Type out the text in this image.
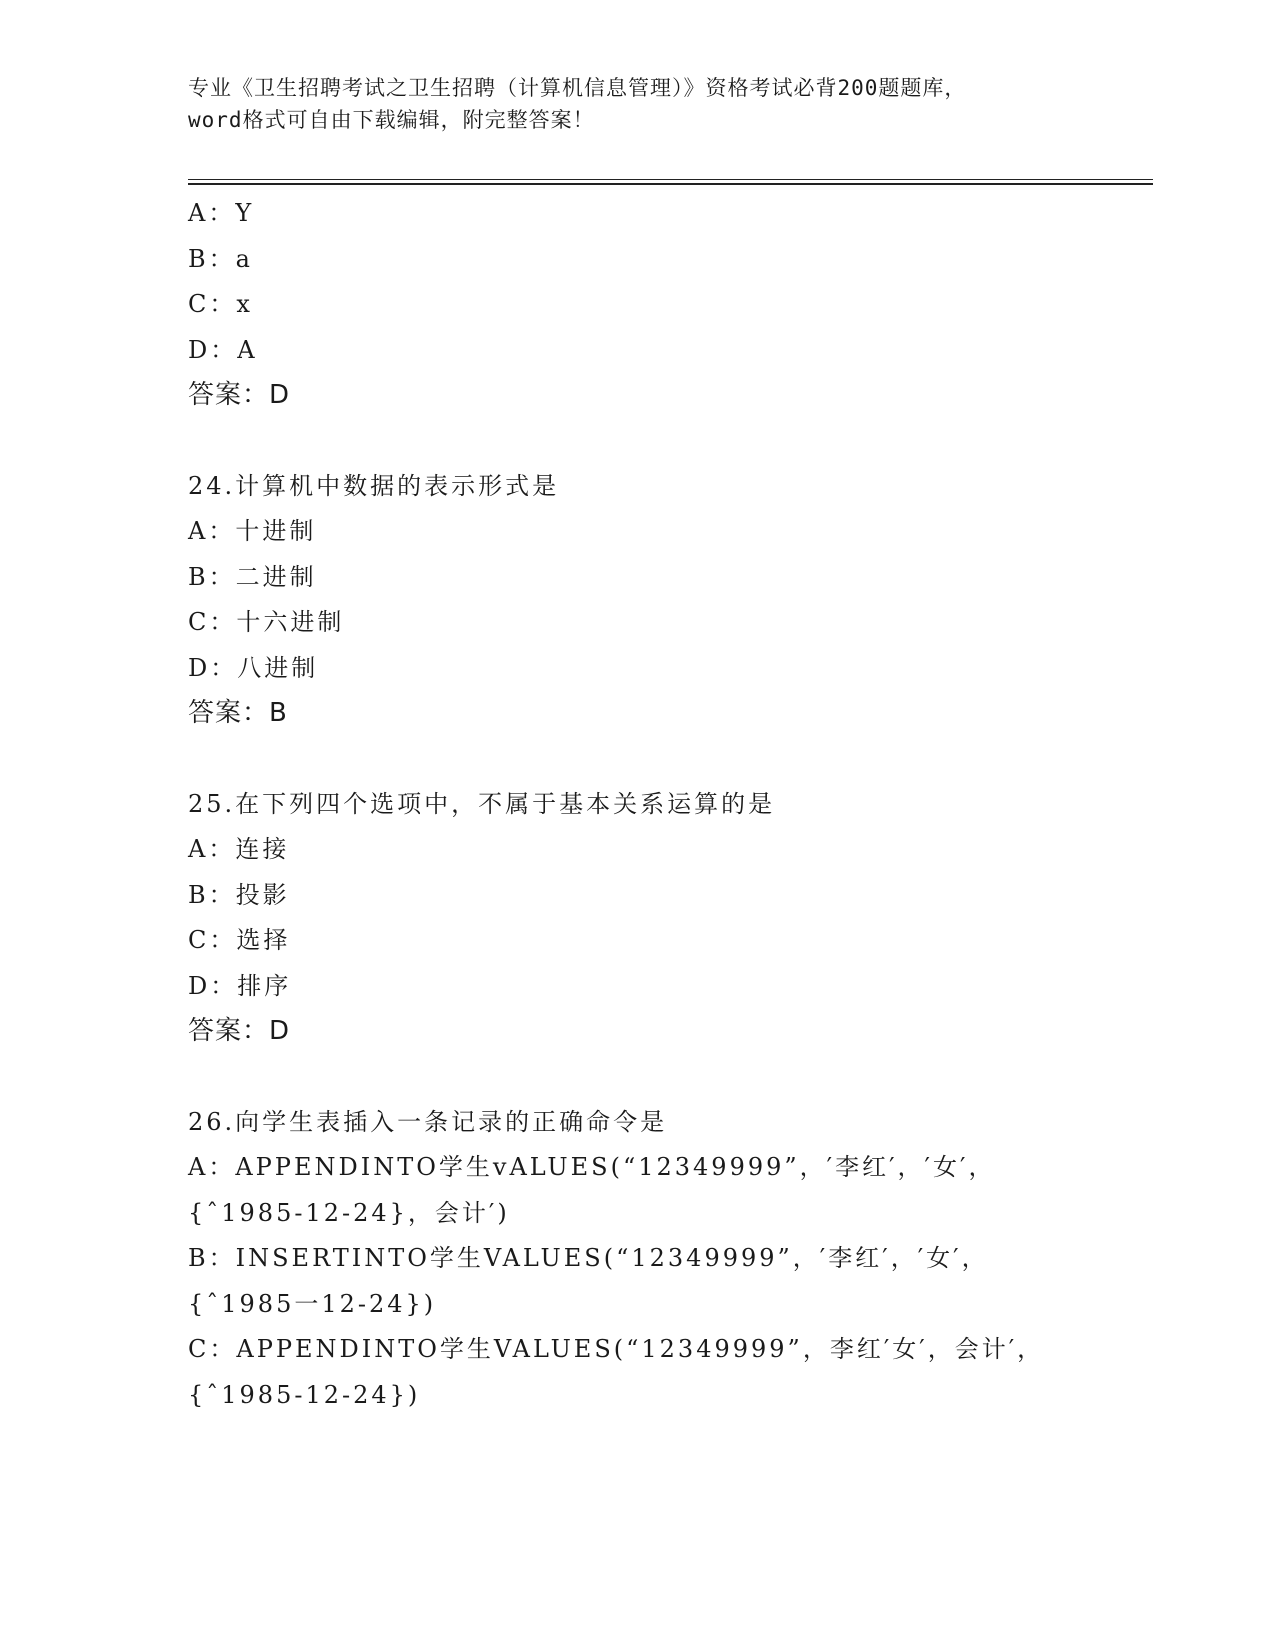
专业《卫生招聘考试之卫生招聘（计算机信息管理）》资格考试必背200题题库，
word格式可自由下载编辑，附完整答案！
A：Y
B：a
C：x
D：A
答案：D
24.计算机中数据的表示形式是
A：十进制
B：二进制
C：十六进制
D：八进制
答案：B
25.在下列四个选项中，不属于基本关系运算的是
A：连接
B：投影
C：选择
D：排序
答案：D
26.向学生表插入一条记录的正确命令是
A：APPENDINTO学生vALUES(“12349999”，′李红′，′女′，
{ˆ1985-12-24}，会计′)
B：INSERTINTO学生VALUES(“12349999”，′李红′，′女′，
{ˆ1985一12-24})
C：APPENDINTO学生VALUES(“12349999”，李红′女′，会计′，
{ˆ1985-12-24})
